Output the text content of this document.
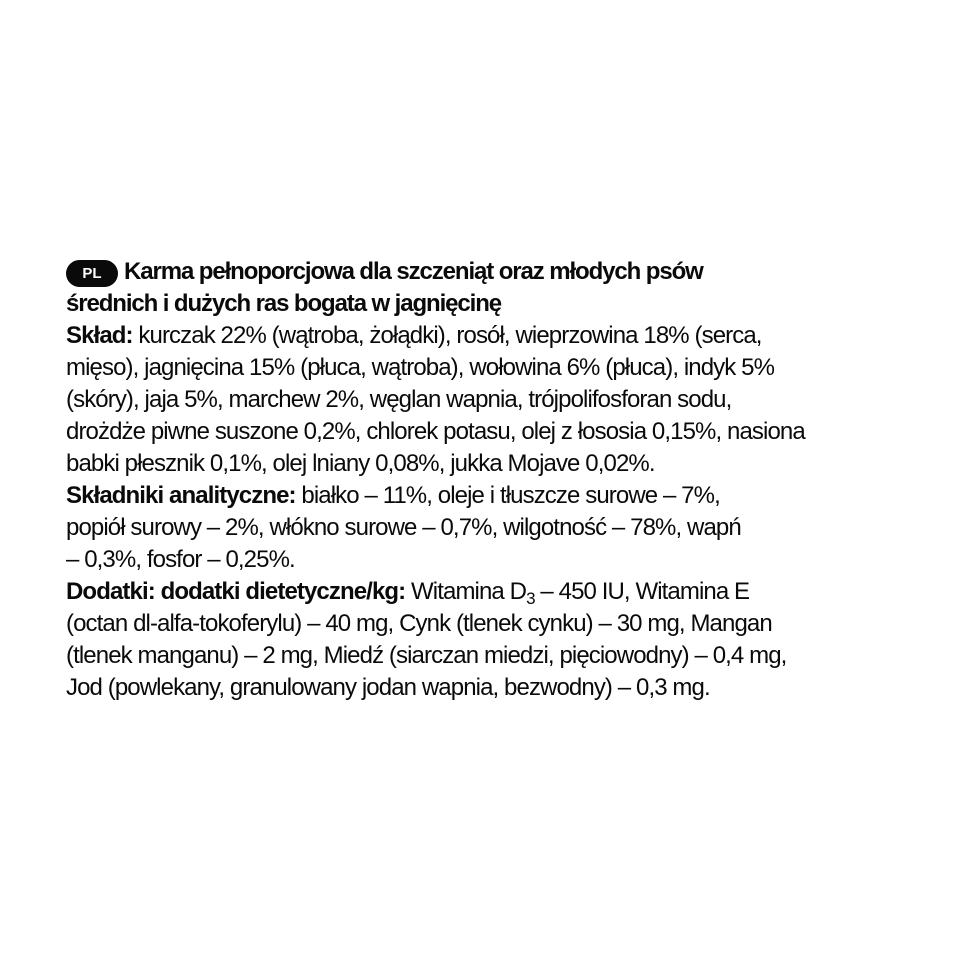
PL Karma pełnoporcjowa dla szczeniąt oraz młodych psów
średnich i dużych ras bogata w jagnięcinę
Skład: kurczak 22% (wątroba, żołądki), rosół, wieprzowina 18% (serca,
mięso), jagnięcina 15% (płuca, wątroba), wołowina 6% (płuca), indyk 5%
(skóry), jaja 5%, marchew 2%, węglan wapnia, trójpolifosforan sodu,
drożdże piwne suszone 0,2%, chlorek potasu, olej z łososia 0,15%, nasiona
babki płesznik 0,1%, olej lniany 0,08%, jukka Mojave 0,02%.
Składniki analityczne: białko – 11%, oleje i tłuszcze surowe – 7%,
popiół surowy – 2%, włókno surowe – 0,7%, wilgotność – 78%, wapń
– 0,3%, fosfor – 0,25%.
Dodatki: dodatki dietetyczne/kg: Witamina $D_3 - 450$ IU, Witamina E
(octan dl-alfa-tokoferylu) – 40 mg, Cynk (tlenek cynku) – 30 mg, Mangan
(tlenek manganu) – 2 mg, Miedź (siarczan miedzi, pięciowodny) – 0,4 mg,
Jod (powlekany, granulowany jodan wapnia, bezwodny) – 0,3 mg.
